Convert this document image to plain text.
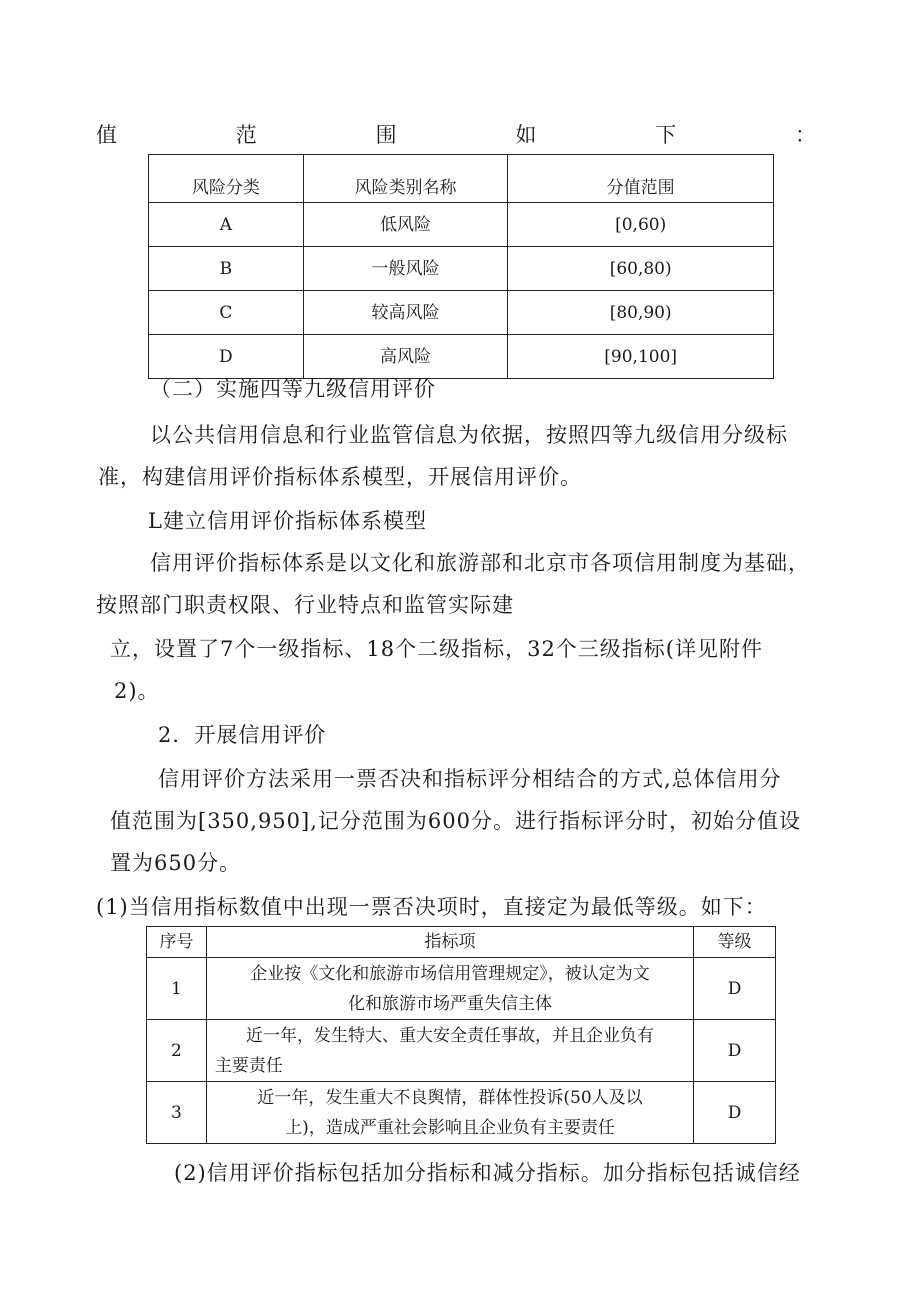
值	范	围	如	下	：
风险分类	风险类别名称	分值范围
A	低风险	[0,60)
B	一般风险	[60,80)
C	较高风险	[80,90)
D	高风险	[90,100]
（二）实施四等九级信用评价
以公共信用信息和行业监管信息为依据，按照四等九级信用分级标
准，构建信用评价指标体系模型，开展信用评价。
L建立信用评价指标体系模型
信用评价指标体系是以文化和旅游部和北京市各项信用制度为基础，
按照部门职责权限、行业特点和监管实际建
立，设置了7个一级指标、18个二级指标，32个三级指标(详见附件
2)。
2．开展信用评价
信用评价方法采用一票否决和指标评分相结合的方式,总体信用分
值范围为[350,950],记分范围为600分。进行指标评分时，初始分值设
置为650分。
(1)当信用指标数值中出现一票否决项时，直接定为最低等级。如下：
序号	指标项	等级
1	企业按《文化和旅游市场信用管理规定》，被认定为文
化和旅游市场严重失信主体	D
2	近一年，发生特大、重大安全责任事故，并且企业负有
主要责任	D
3	近一年，发生重大不良舆情，群体性投诉(50人及以
上)，造成严重社会影响且企业负有主要责任	D
(2)信用评价指标包括加分指标和减分指标。加分指标包括诚信经
